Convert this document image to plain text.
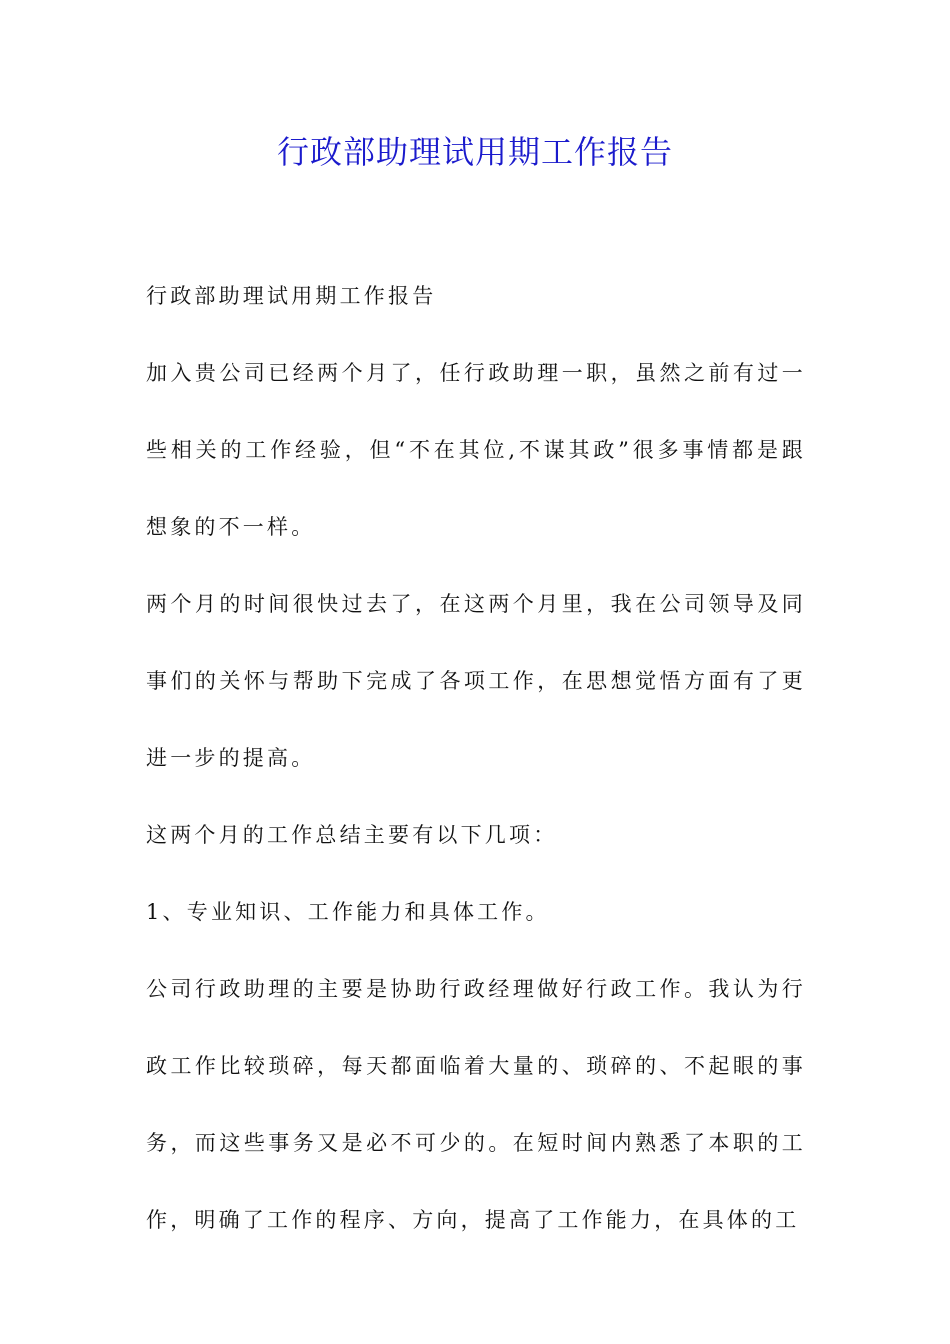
行政部助理试用期工作报告

行政部助理试用期工作报告

加入贵公司已经两个月了，任行政助理一职，虽然之前有过一些相关的工作经验，但“不在其位,不谋其政”很多事情都是跟想象的不一样。

两个月的时间很快过去了，在这两个月里，我在公司领导及同事们的关怀与帮助下完成了各项工作，在思想觉悟方面有了更进一步的提高。

这两个月的工作总结主要有以下几项：

1、专业知识、工作能力和具体工作。

公司行政助理的主要是协助行政经理做好行政工作。我认为行政工作比较琐碎，每天都面临着大量的、琐碎的、不起眼的事务，而这些事务又是必不可少的。在短时间内熟悉了本职的工作，明确了工作的程序、方向，提高了工作能力，在具体的工
